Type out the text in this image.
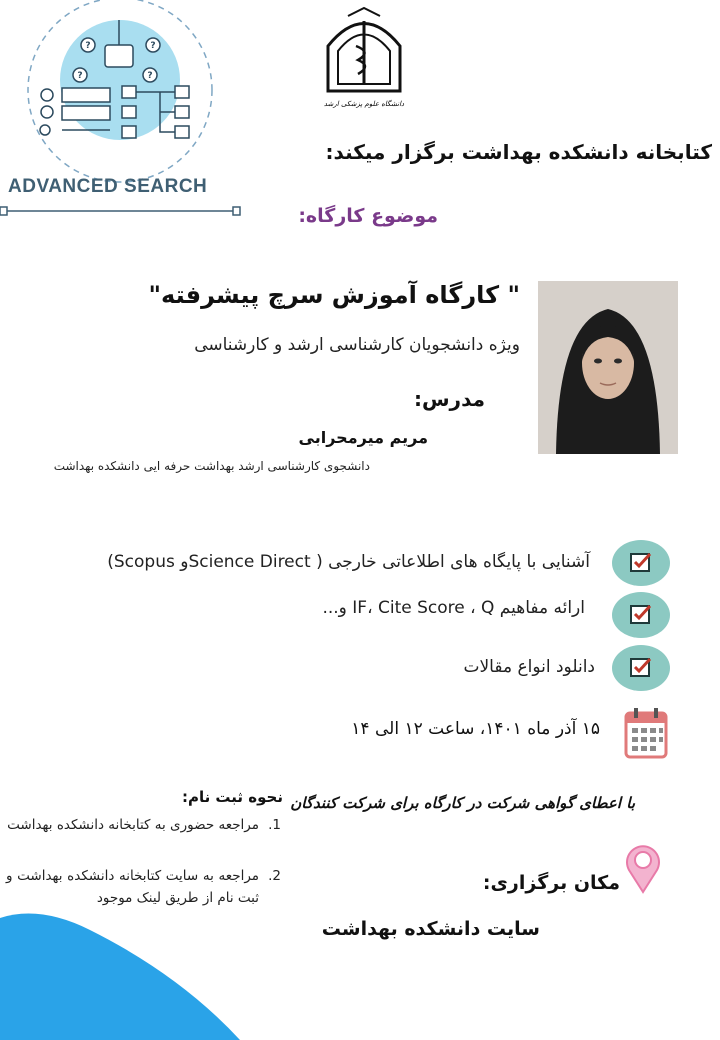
?	?
?	?
ADVANCED SEARCH
دانشگاه علوم پزشکی ارشد
کتابخانه دانشکده بهداشت برگزار میکند:
موضوع کارگاه:
" کارگاه آموزش سرچ پیشرفته"
ویژه دانشجویان کارشناسی ارشد و کارشناسی
مدرس:
مریم میرمحرابی
دانشجوی کارشناسی ارشد بهداشت حرفه ایی دانشکده بهداشت
آشنایی با پایگاه های اطلاعاتی خارجی ( Science Directو Scopus)
ارائه مفاهیم IF، Cite Score ، Q و...
دانلود انواع مقالات
۱۵ آذر ماه ۱۴۰۱، ساعت ۱۲ الی ۱۴
با اعطای گواهی شرکت در کارگاه برای شرکت کنندگان
نحوه ثبت نام:
1.
مراجعه حضوری به کتابخانه دانشکده بهداشت
2.
مراجعه به سایت کتابخانه دانشکده بهداشت و ثبت نام از طریق لینک موجود
مکان برگزاری:
سایت دانشکده بهداشت
